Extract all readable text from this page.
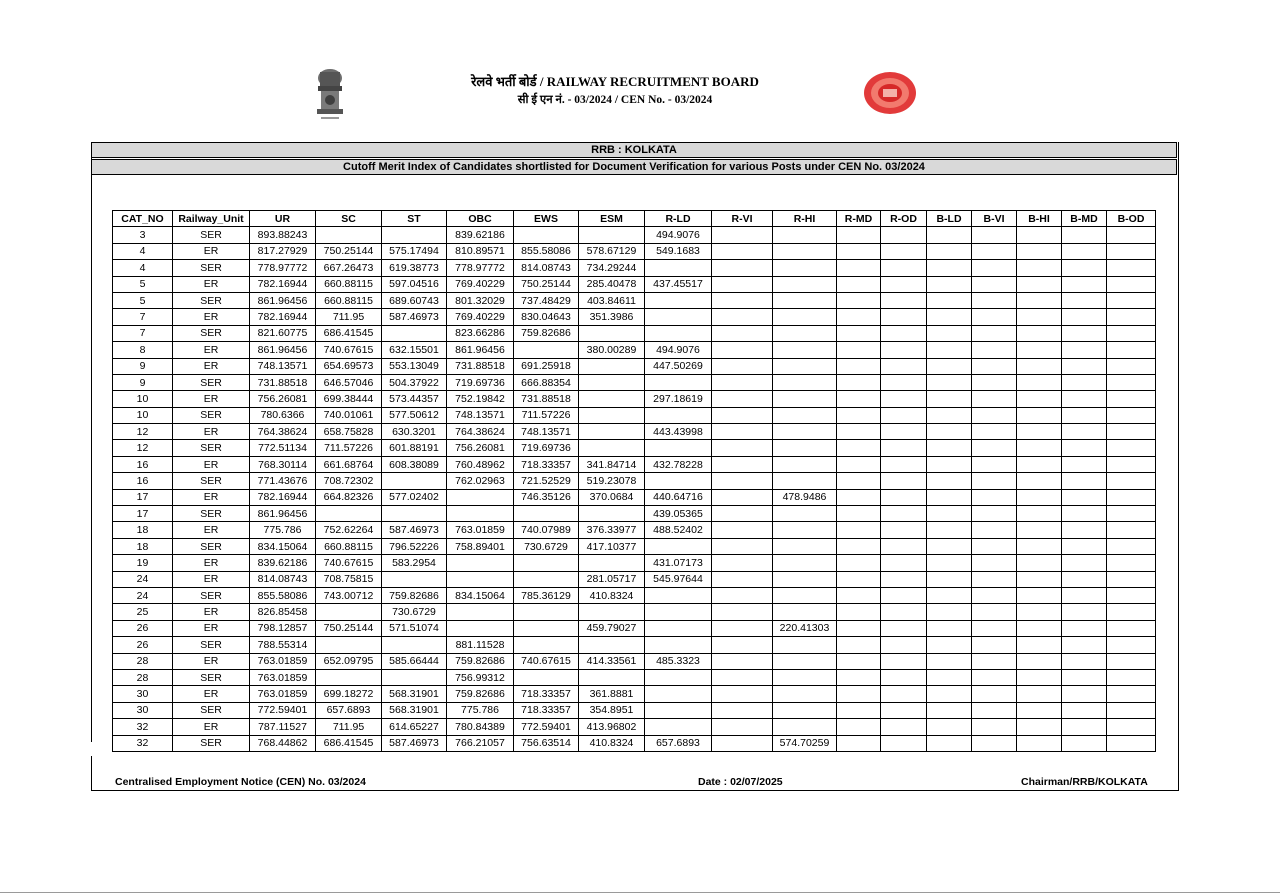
रेलवे भर्ती बोर्ड / RAILWAY RECRUITMENT BOARD
सी ई एन नं. - 03/2024 / CEN No. - 03/2024
RRB : KOLKATA
Cutoff Merit Index of Candidates shortlisted for Document Verification for various Posts under CEN No. 03/2024
CAT_NO	Railway_Unit	UR	SC	ST	OBC	EWS	ESM	R-LD	R-VI	R-HI	R-MD	R-OD	B-LD	B-VI	B-HI	B-MD	B-OD
3	SER	893.88243			839.62186			494.9076									
4	ER	817.27929	750.25144	575.17494	810.89571	855.58086	578.67129	549.1683									
4	SER	778.97772	667.26473	619.38773	778.97772	814.08743	734.29244										
5	ER	782.16944	660.88115	597.04516	769.40229	750.25144	285.40478	437.45517									
5	SER	861.96456	660.88115	689.60743	801.32029	737.48429	403.84611										
7	ER	782.16944	711.95	587.46973	769.40229	830.04643	351.3986										
7	SER	821.60775	686.41545		823.66286	759.82686											
8	ER	861.96456	740.67615	632.15501	861.96456		380.00289	494.9076									
9	ER	748.13571	654.69573	553.13049	731.88518	691.25918		447.50269									
9	SER	731.88518	646.57046	504.37922	719.69736	666.88354											
10	ER	756.26081	699.38444	573.44357	752.19842	731.88518		297.18619									
10	SER	780.6366	740.01061	577.50612	748.13571	711.57226											
12	ER	764.38624	658.75828	630.3201	764.38624	748.13571		443.43998									
12	SER	772.51134	711.57226	601.88191	756.26081	719.69736											
16	ER	768.30114	661.68764	608.38089	760.48962	718.33357	341.84714	432.78228									
16	SER	771.43676	708.72302		762.02963	721.52529	519.23078										
17	ER	782.16944	664.82326	577.02402		746.35126	370.0684	440.64716		478.9486							
17	SER	861.96456						439.05365									
18	ER	775.786	752.62264	587.46973	763.01859	740.07989	376.33977	488.52402									
18	SER	834.15064	660.88115	796.52226	758.89401	730.6729	417.10377										
19	ER	839.62186	740.67615	583.2954				431.07173									
24	ER	814.08743	708.75815				281.05717	545.97644									
24	SER	855.58086	743.00712	759.82686	834.15064	785.36129	410.8324										
25	ER	826.85458		730.6729													
26	ER	798.12857	750.25144	571.51074			459.79027			220.41303							
26	SER	788.55314			881.11528												
28	ER	763.01859	652.09795	585.66444	759.82686	740.67615	414.33561	485.3323									
28	SER	763.01859			756.99312												
30	ER	763.01859	699.18272	568.31901	759.82686	718.33357	361.8881										
30	SER	772.59401	657.6893	568.31901	775.786	718.33357	354.8951										
32	ER	787.11527	711.95	614.65227	780.84389	772.59401	413.96802										
32	SER	768.44862	686.41545	587.46973	766.21057	756.63514	410.8324	657.6893		574.70259							
Centralised Employment Notice (CEN) No. 03/2024	Date : 02/07/2025	Chairman/RRB/KOLKATA
